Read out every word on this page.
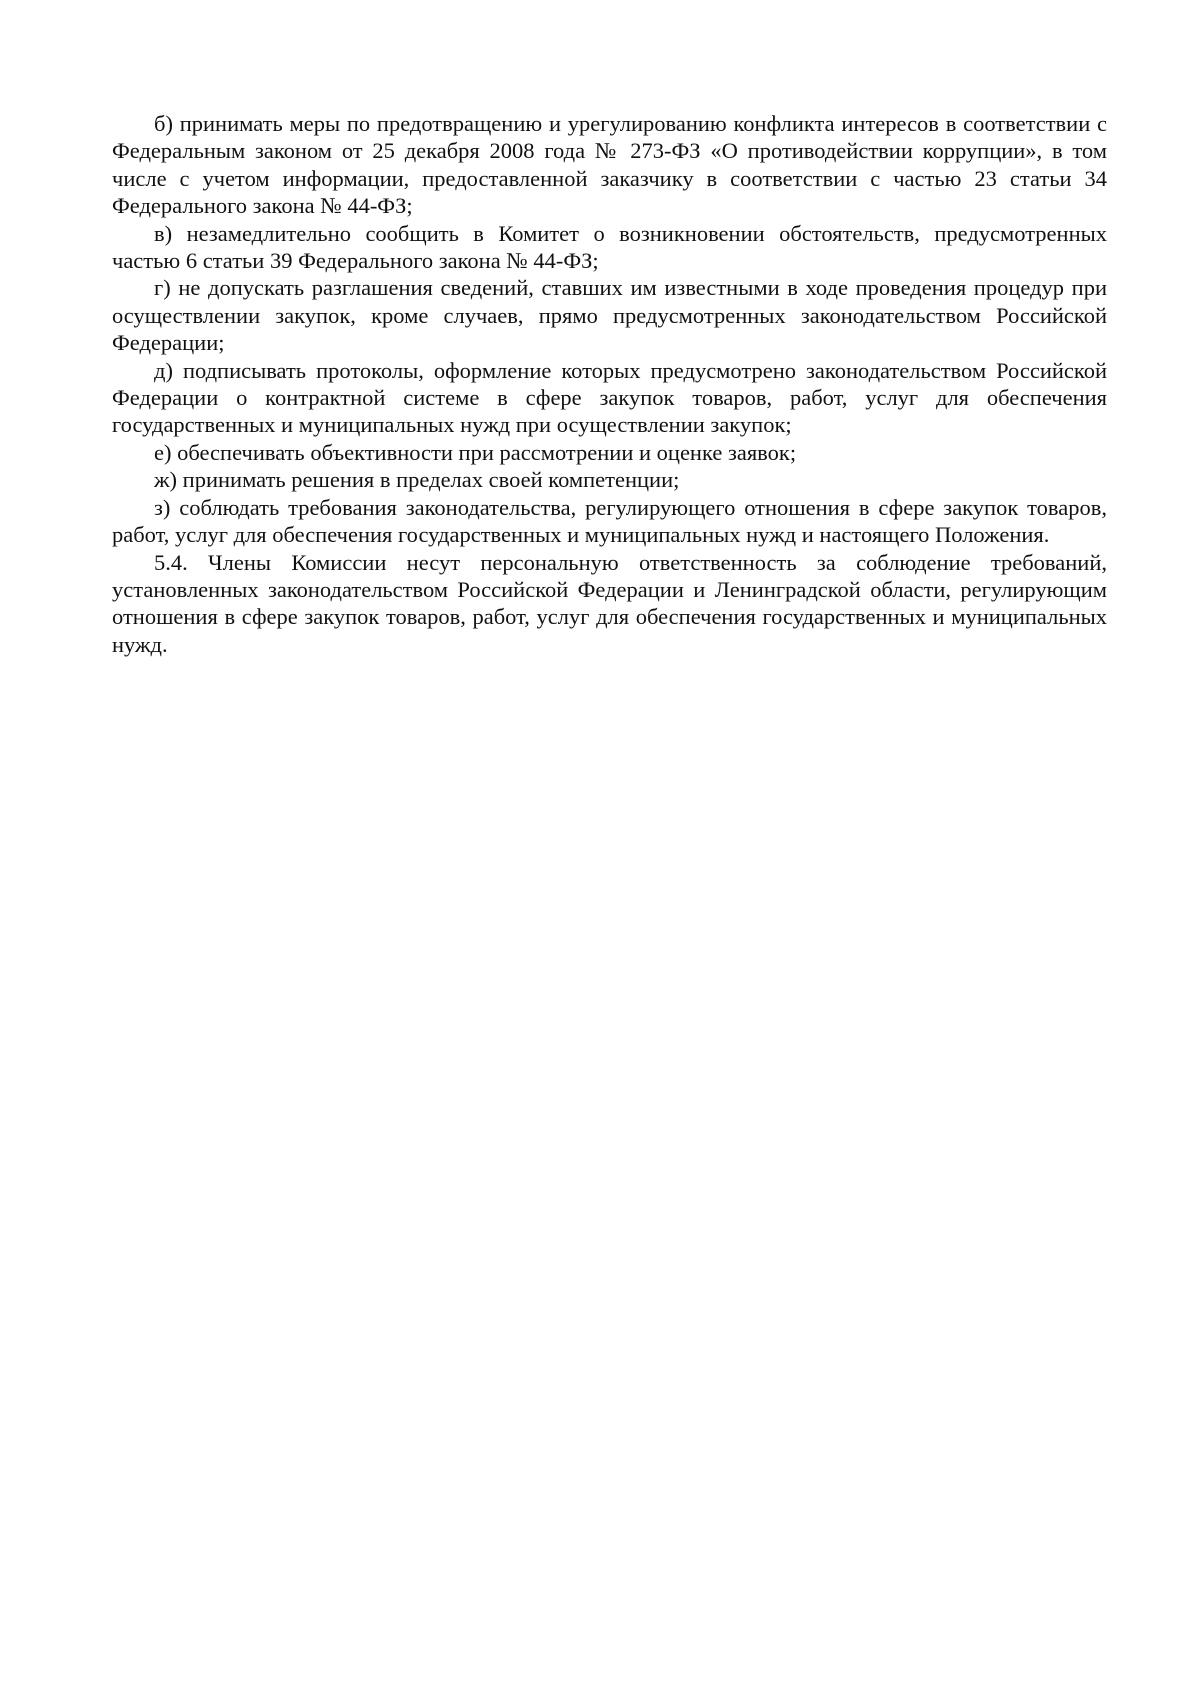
б) принимать меры по предотвращению и урегулированию конфликта интересов в соответствии с Федеральным законом от 25 декабря 2008 года № 273-ФЗ «О противодействии коррупции», в том числе с учетом информации, предоставленной заказчику в соответствии с частью 23 статьи 34 Федерального закона № 44-ФЗ;

в) незамедлительно сообщить в Комитет о возникновении обстоятельств, предусмотренных частью 6 статьи 39 Федерального закона № 44-ФЗ;

г) не допускать разглашения сведений, ставших им известными в ходе проведения процедур при осуществлении закупок, кроме случаев, прямо предусмотренных законодательством Российской Федерации;

д) подписывать протоколы, оформление которых предусмотрено законодательством Российской Федерации о контрактной системе в сфере закупок товаров, работ, услуг для обеспечения государственных и муниципальных нужд при осуществлении закупок;

е) обеспечивать объективности при рассмотрении и оценке заявок;

ж) принимать решения в пределах своей компетенции;

з) соблюдать требования законодательства, регулирующего отношения в сфере закупок товаров, работ, услуг для обеспечения государственных и муниципальных нужд и настоящего Положения.

5.4. Члены Комиссии несут персональную ответственность за соблюдение требований, установленных законодательством Российской Федерации и Ленинградской области, регулирующим отношения в сфере закупок товаров, работ, услуг для обеспечения государственных и муниципальных нужд.
